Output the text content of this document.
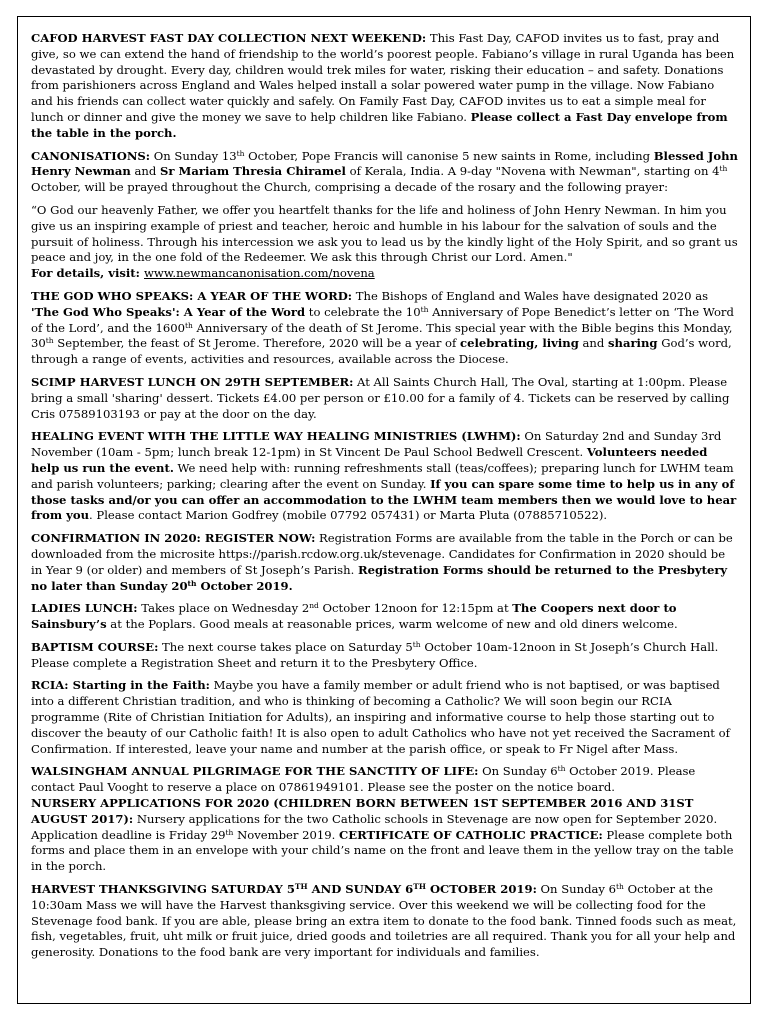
CAFOD HARVEST FAST DAY COLLECTION NEXT WEEKEND: This Fast Day, CAFOD invites us to fast, pray and give, so we can extend the hand of friendship to the world’s poorest people. Fabiano’s village in rural Uganda has been devastated by drought. Every day, children would trek miles for water, risking their education – and safety. Donations from parishioners across England and Wales helped install a solar powered water pump in the village. Now Fabiano and his friends can collect water quickly and safely. On Family Fast Day, CAFOD invites us to eat a simple meal for lunch or dinner and give the money we save to help children like Fabiano. Please collect a Fast Day envelope from the table in the porch.

CANONISATIONS: On Sunday 13th October, Pope Francis will canonise 5 new saints in Rome, including Blessed John Henry Newman and Sr Mariam Thresia Chiramel of Kerala, India. A 9-day "Novena with Newman", starting on 4th October, will be prayed throughout the Church, comprising a decade of the rosary and the following prayer:

“O God our heavenly Father, we offer you heartfelt thanks for the life and holiness of John Henry Newman. In him you give us an inspiring example of priest and teacher, heroic and humble in his labour for the salvation of souls and the pursuit of holiness. Through his intercession we ask you to lead us by the kindly light of the Holy Spirit, and so grant us peace and joy, in the one fold of the Redeemer. We ask this through Christ our Lord. Amen."
For details, visit: www.newmancanonisation.com/novena

THE GOD WHO SPEAKS: A YEAR OF THE WORD: The Bishops of England and Wales have designated 2020 as 'The God Who Speaks': A Year of the Word to celebrate the 10th Anniversary of Pope Benedict’s letter on ‘The Word of the Lord’, and the 1600th Anniversary of the death of St Jerome. This special year with the Bible begins this Monday, 30th September, the feast of St Jerome. Therefore, 2020 will be a year of celebrating, living and sharing God’s word, through a range of events, activities and resources, available across the Diocese.

SCIMP HARVEST LUNCH ON 29TH SEPTEMBER: At All Saints Church Hall, The Oval, starting at 1:00pm. Please bring a small 'sharing' dessert. Tickets £4.00 per person or £10.00 for a family of 4. Tickets can be reserved by calling Cris 07589103193 or pay at the door on the day.

HEALING EVENT WITH THE LITTLE WAY HEALING MINISTRIES (LWHM): On Saturday 2nd and Sunday 3rd November (10am - 5pm; lunch break 12-1pm) in St Vincent De Paul School Bedwell Crescent. Volunteers needed help us run the event. We need help with: running refreshments stall (teas/coffees); preparing lunch for LWHM team and parish volunteers; parking; clearing after the event on Sunday. If you can spare some time to help us in any of those tasks and/or you can offer an accommodation to the LWHM team members then we would love to hear from you. Please contact Marion Godfrey (mobile 07792 057431) or Marta Pluta (07885710522).

CONFIRMATION IN 2020: REGISTER NOW: Registration Forms are available from the table in the Porch or can be downloaded from the microsite https://parish.rcdow.org.uk/stevenage. Candidates for Confirmation in 2020 should be in Year 9 (or older) and members of St Joseph’s Parish. Registration Forms should be returned to the Presbytery no later than Sunday 20th October 2019.

LADIES LUNCH: Takes place on Wednesday 2nd October 12noon for 12:15pm at The Coopers next door to Sainsbury’s at the Poplars. Good meals at reasonable prices, warm welcome of new and old diners welcome.

BAPTISM COURSE: The next course takes place on Saturday 5th October 10am-12noon in St Joseph’s Church Hall. Please complete a Registration Sheet and return it to the Presbytery Office.

RCIA: Starting in the Faith: Maybe you have a family member or adult friend who is not baptised, or was baptised into a different Christian tradition, and who is thinking of becoming a Catholic? We will soon begin our RCIA programme (Rite of Christian Initiation for Adults), an inspiring and informative course to help those starting out to discover the beauty of our Catholic faith! It is also open to adult Catholics who have not yet received the Sacrament of Confirmation. If interested, leave your name and number at the parish office, or speak to Fr Nigel after Mass.

WALSINGHAM ANNUAL PILGRIMAGE FOR THE SANCTITY OF LIFE: On Sunday 6th October 2019. Please contact Paul Vooght to reserve a place on 07861949101. Please see the poster on the notice board.

NURSERY APPLICATIONS FOR 2020 (CHILDREN BORN BETWEEN 1ST SEPTEMBER 2016 AND 31ST AUGUST 2017): Nursery applications for the two Catholic schools in Stevenage are now open for September 2020. Application deadline is Friday 29th November 2019. CERTIFICATE OF CATHOLIC PRACTICE: Please complete both forms and place them in an envelope with your child’s name on the front and leave them in the yellow tray on the table in the porch.

HARVEST THANKSGIVING SATURDAY 5TH AND SUNDAY 6TH OCTOBER 2019: On Sunday 6th October at the 10:30am Mass we will have the Harvest thanksgiving service. Over this weekend we will be collecting food for the Stevenage food bank. If you are able, please bring an extra item to donate to the food bank. Tinned foods such as meat, fish, vegetables, fruit, uht milk or fruit juice, dried goods and toiletries are all required. Thank you for all your help and generosity. Donations to the food bank are very important for individuals and families.
